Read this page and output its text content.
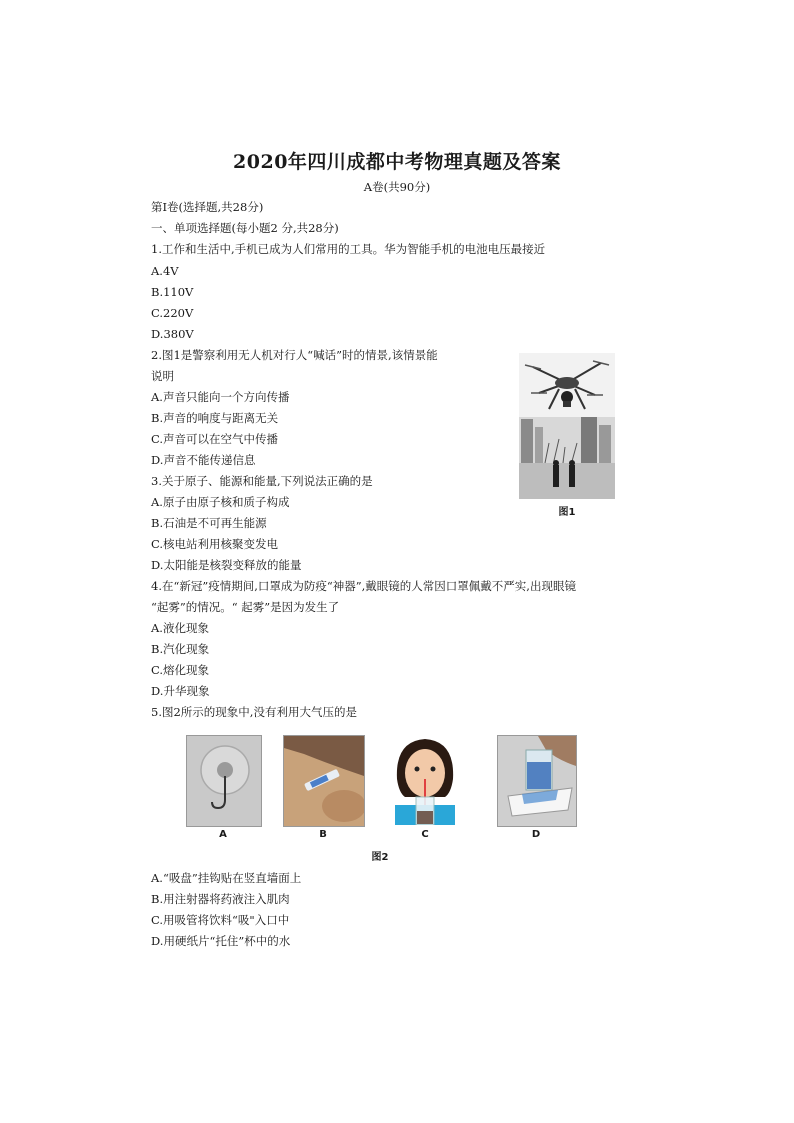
2020年四川成都中考物理真题及答案
A卷(共90分)
第Ⅰ卷(选择题,共28分)
一、单项选择题(每小题2 分,共28分)
1.工作和生活中,手机已成为人们常用的工具。华为智能手机的电池电压最接近
A.4V
B.110V
C.220V
D.380V
2.图1是警察利用无人机对行人“喊话”时的情景,该情景能
说明
A.声音只能向一个方向传播
B.声音的响度与距离无关
C.声音可以在空气中传播
D.声音不能传递信息
图1
3.关于原子、能源和能量,下列说法正确的是
A.原子由原子核和质子构成
B.石油是不可再生能源
C.核电站利用核聚变发电
D.太阳能是核裂变释放的能量
4.在“新冠”疫情期间,口罩成为防疫“神器”,戴眼镜的人常因口罩佩戴不严实,出现眼镜
“起雾”的情况。“ 起雾”是因为发生了
A.液化现象
B.汽化现象
C.熔化现象
D.升华现象
5.图2所示的现象中,没有利用大气压的是
A	B	C	D
图2
A.“吸盘”挂钩贴在竖直墙面上
B.用注射器将药液注入肌肉
C.用吸管将饮料“吸"入口中
D.用硬纸片“托住”杯中的水
